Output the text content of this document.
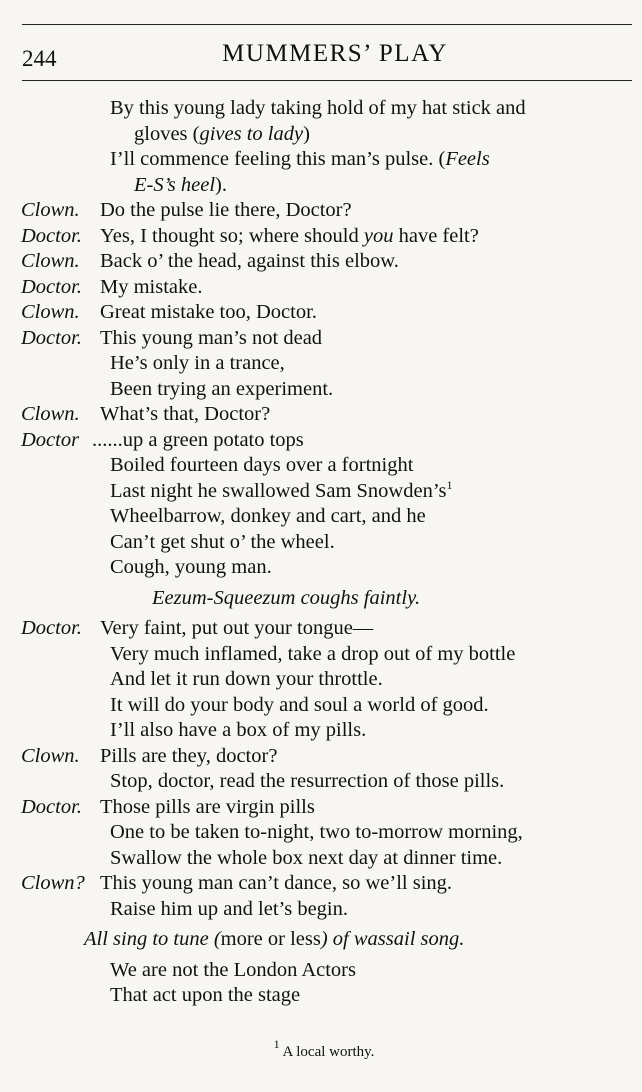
244	MUMMERS’ PLAY
By this young lady taking hold of my hat stick and
gloves (gives to lady)
I’ll commence feeling this man’s pulse. (Feels
E-S’s heel).
Clown. Do the pulse lie there, Doctor?
Doctor. Yes, I thought so; where should you have felt?
Clown. Back o’ the head, against this elbow.
Doctor. My mistake.
Clown. Great mistake too, Doctor.
Doctor. This young man’s not dead
He’s only in a trance,
Been trying an experiment.
Clown. What’s that, Doctor?
Doctor ......up a green potato tops
Boiled fourteen days over a fortnight
Last night he swallowed Sam $Snowden’s^1$
Wheelbarrow, donkey and cart, and he
Can’t get shut o’ the wheel.
Cough, young man.
Eezum-Squeezum coughs faintly.
Doctor. Very faint, put out your tongue—
Very much inflamed, take a drop out of my bottle
And let it run down your throttle.
It will do your body and soul a world of good.
I’ll also have a box of my pills.
Clown. Pills are they, doctor?
Stop, doctor, read the resurrection of those pills.
Doctor. Those pills are virgin pills
One to be taken to-night, two to-morrow morning,
Swallow the whole box next day at dinner time.
Clown? This young man can’t dance, so we’ll sing.
Raise him up and let’s begin.
All sing to tune (more or less) of wassail song.
We are not the London Actors
That act upon the stage
$^1$ A local worthy.
